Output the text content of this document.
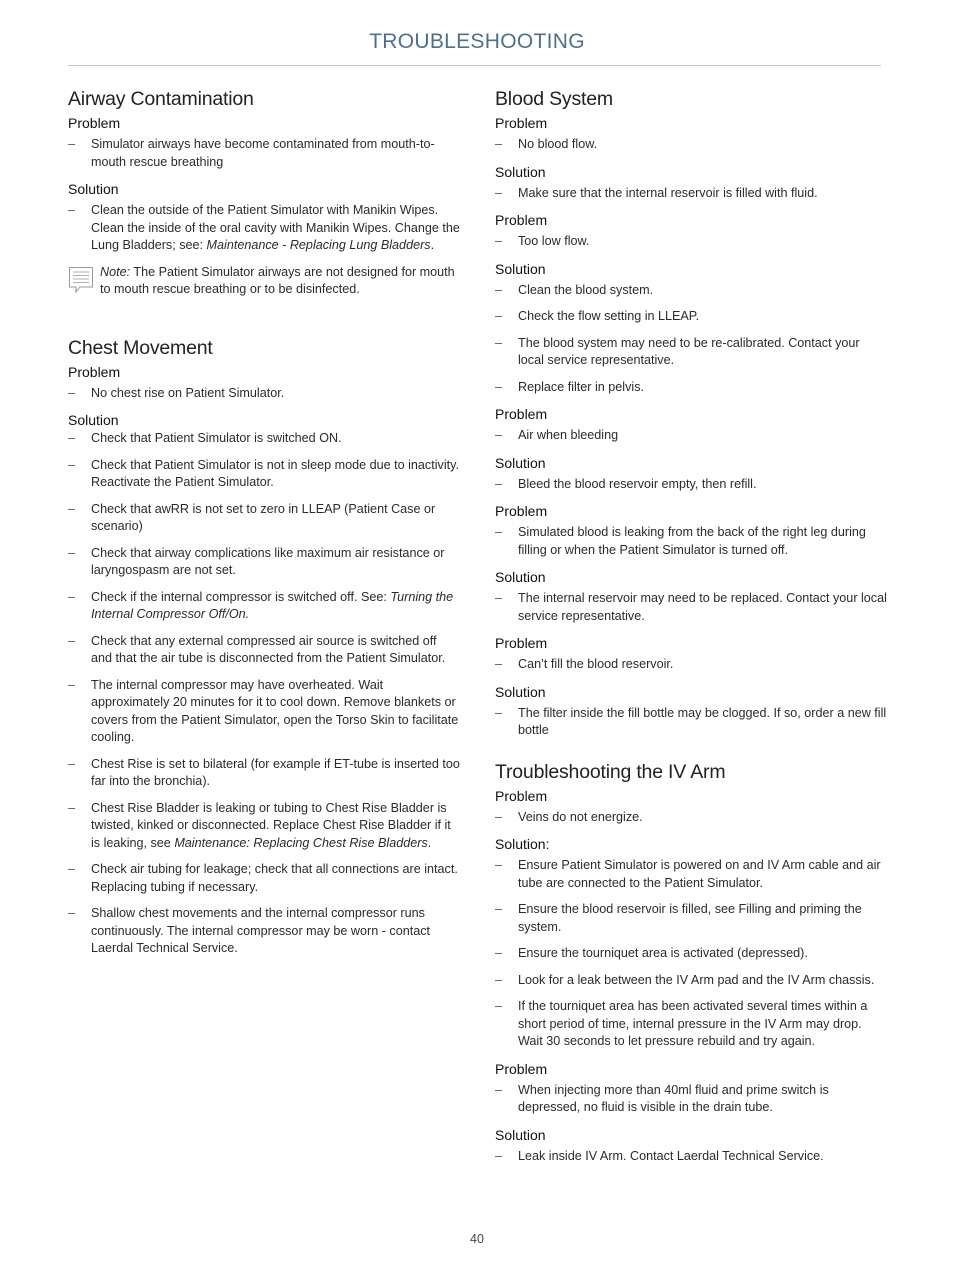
TROUBLESHOOTING
Airway Contamination
Problem
– Simulator airways have become contaminated from mouth-to-mouth rescue breathing
Solution
– Clean the outside of the Patient Simulator with Manikin Wipes. Clean the inside of the oral cavity with Manikin Wipes. Change the Lung Bladders; see: Maintenance - Replacing Lung Bladders.
Note: The Patient Simulator airways are not designed for mouth to mouth rescue breathing or to be disinfected.
Chest Movement
Problem
– No chest rise on Patient Simulator.
Solution
– Check that Patient Simulator is switched ON.
– Check that Patient Simulator is not in sleep mode due to inactivity. Reactivate the Patient Simulator.
– Check that awRR is not set to zero in LLEAP (Patient Case or scenario)
– Check that airway complications like maximum air resistance or laryngospasm are not set.
– Check if the internal compressor is switched off. See: Turning the Internal Compressor Off/On.
– Check that any external compressed air source is switched off and that the air tube is disconnected from the Patient Simulator.
– The internal compressor may have overheated. Wait approximately 20 minutes for it to cool down. Remove blankets or covers from the Patient Simulator, open the Torso Skin to facilitate cooling.
– Chest Rise is set to bilateral (for example if ET-tube is inserted too far into the bronchia).
– Chest Rise Bladder is leaking or tubing to Chest Rise Bladder is twisted, kinked or disconnected. Replace Chest Rise Bladder if it is leaking, see Maintenance: Replacing Chest Rise Bladders.
– Check air tubing for leakage; check that all connections are intact. Replacing tubing if necessary.
– Shallow chest movements and the internal compressor runs continuously. The internal compressor may be worn - contact Laerdal Technical Service.
Blood System
Problem
– No blood flow.
Solution
– Make sure that the internal reservoir is filled with fluid.
Problem
– Too low flow.
Solution
– Clean the blood system.
– Check the flow setting in LLEAP.
– The blood system may need to be re-calibrated. Contact your local service representative.
– Replace filter in pelvis.
Problem
– Air when bleeding
Solution
– Bleed the blood reservoir empty, then refill.
Problem
– Simulated blood is leaking from the back of the right leg during filling or when the Patient Simulator is turned off.
Solution
– The internal reservoir may need to be replaced. Contact your local service representative.
Problem
– Can’t fill the blood reservoir.
Solution
– The filter inside the fill bottle may be clogged. If so, order a new fill bottle
Troubleshooting the IV Arm
Problem
– Veins do not energize.
Solution:
– Ensure Patient Simulator is powered on and IV Arm cable and air tube are connected to the Patient Simulator.
– Ensure the blood reservoir is filled, see Filling and priming the system.
– Ensure the tourniquet area is activated (depressed).
– Look for a leak between the IV Arm pad and the IV Arm chassis.
– If the tourniquet area has been activated several times within a short period of time, internal pressure in the IV Arm may drop. Wait 30 seconds to let pressure rebuild and try again.
Problem
– When injecting more than 40ml fluid and prime switch is depressed, no fluid is visible in the drain tube.
Solution
– Leak inside IV Arm. Contact Laerdal Technical Service.
40
